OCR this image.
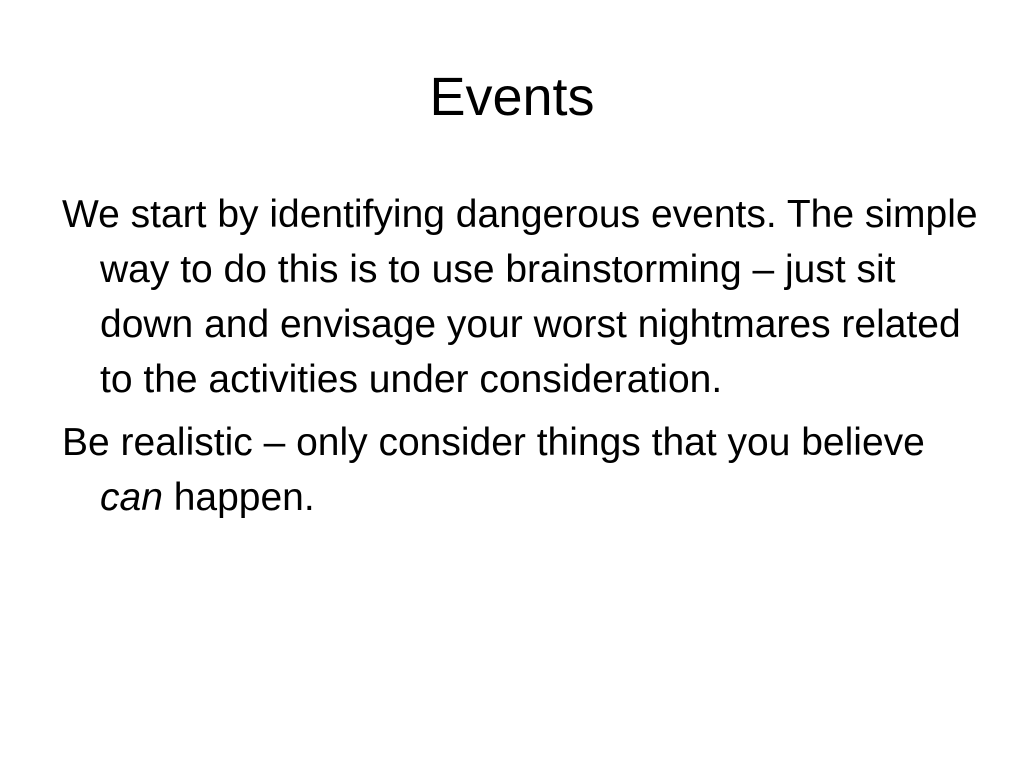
Events
We start by identifying dangerous events. The simple way to do this is to use brainstorming – just sit down and envisage your worst nightmares related to the activities under consideration.
Be realistic – only consider things that you believe can happen.
